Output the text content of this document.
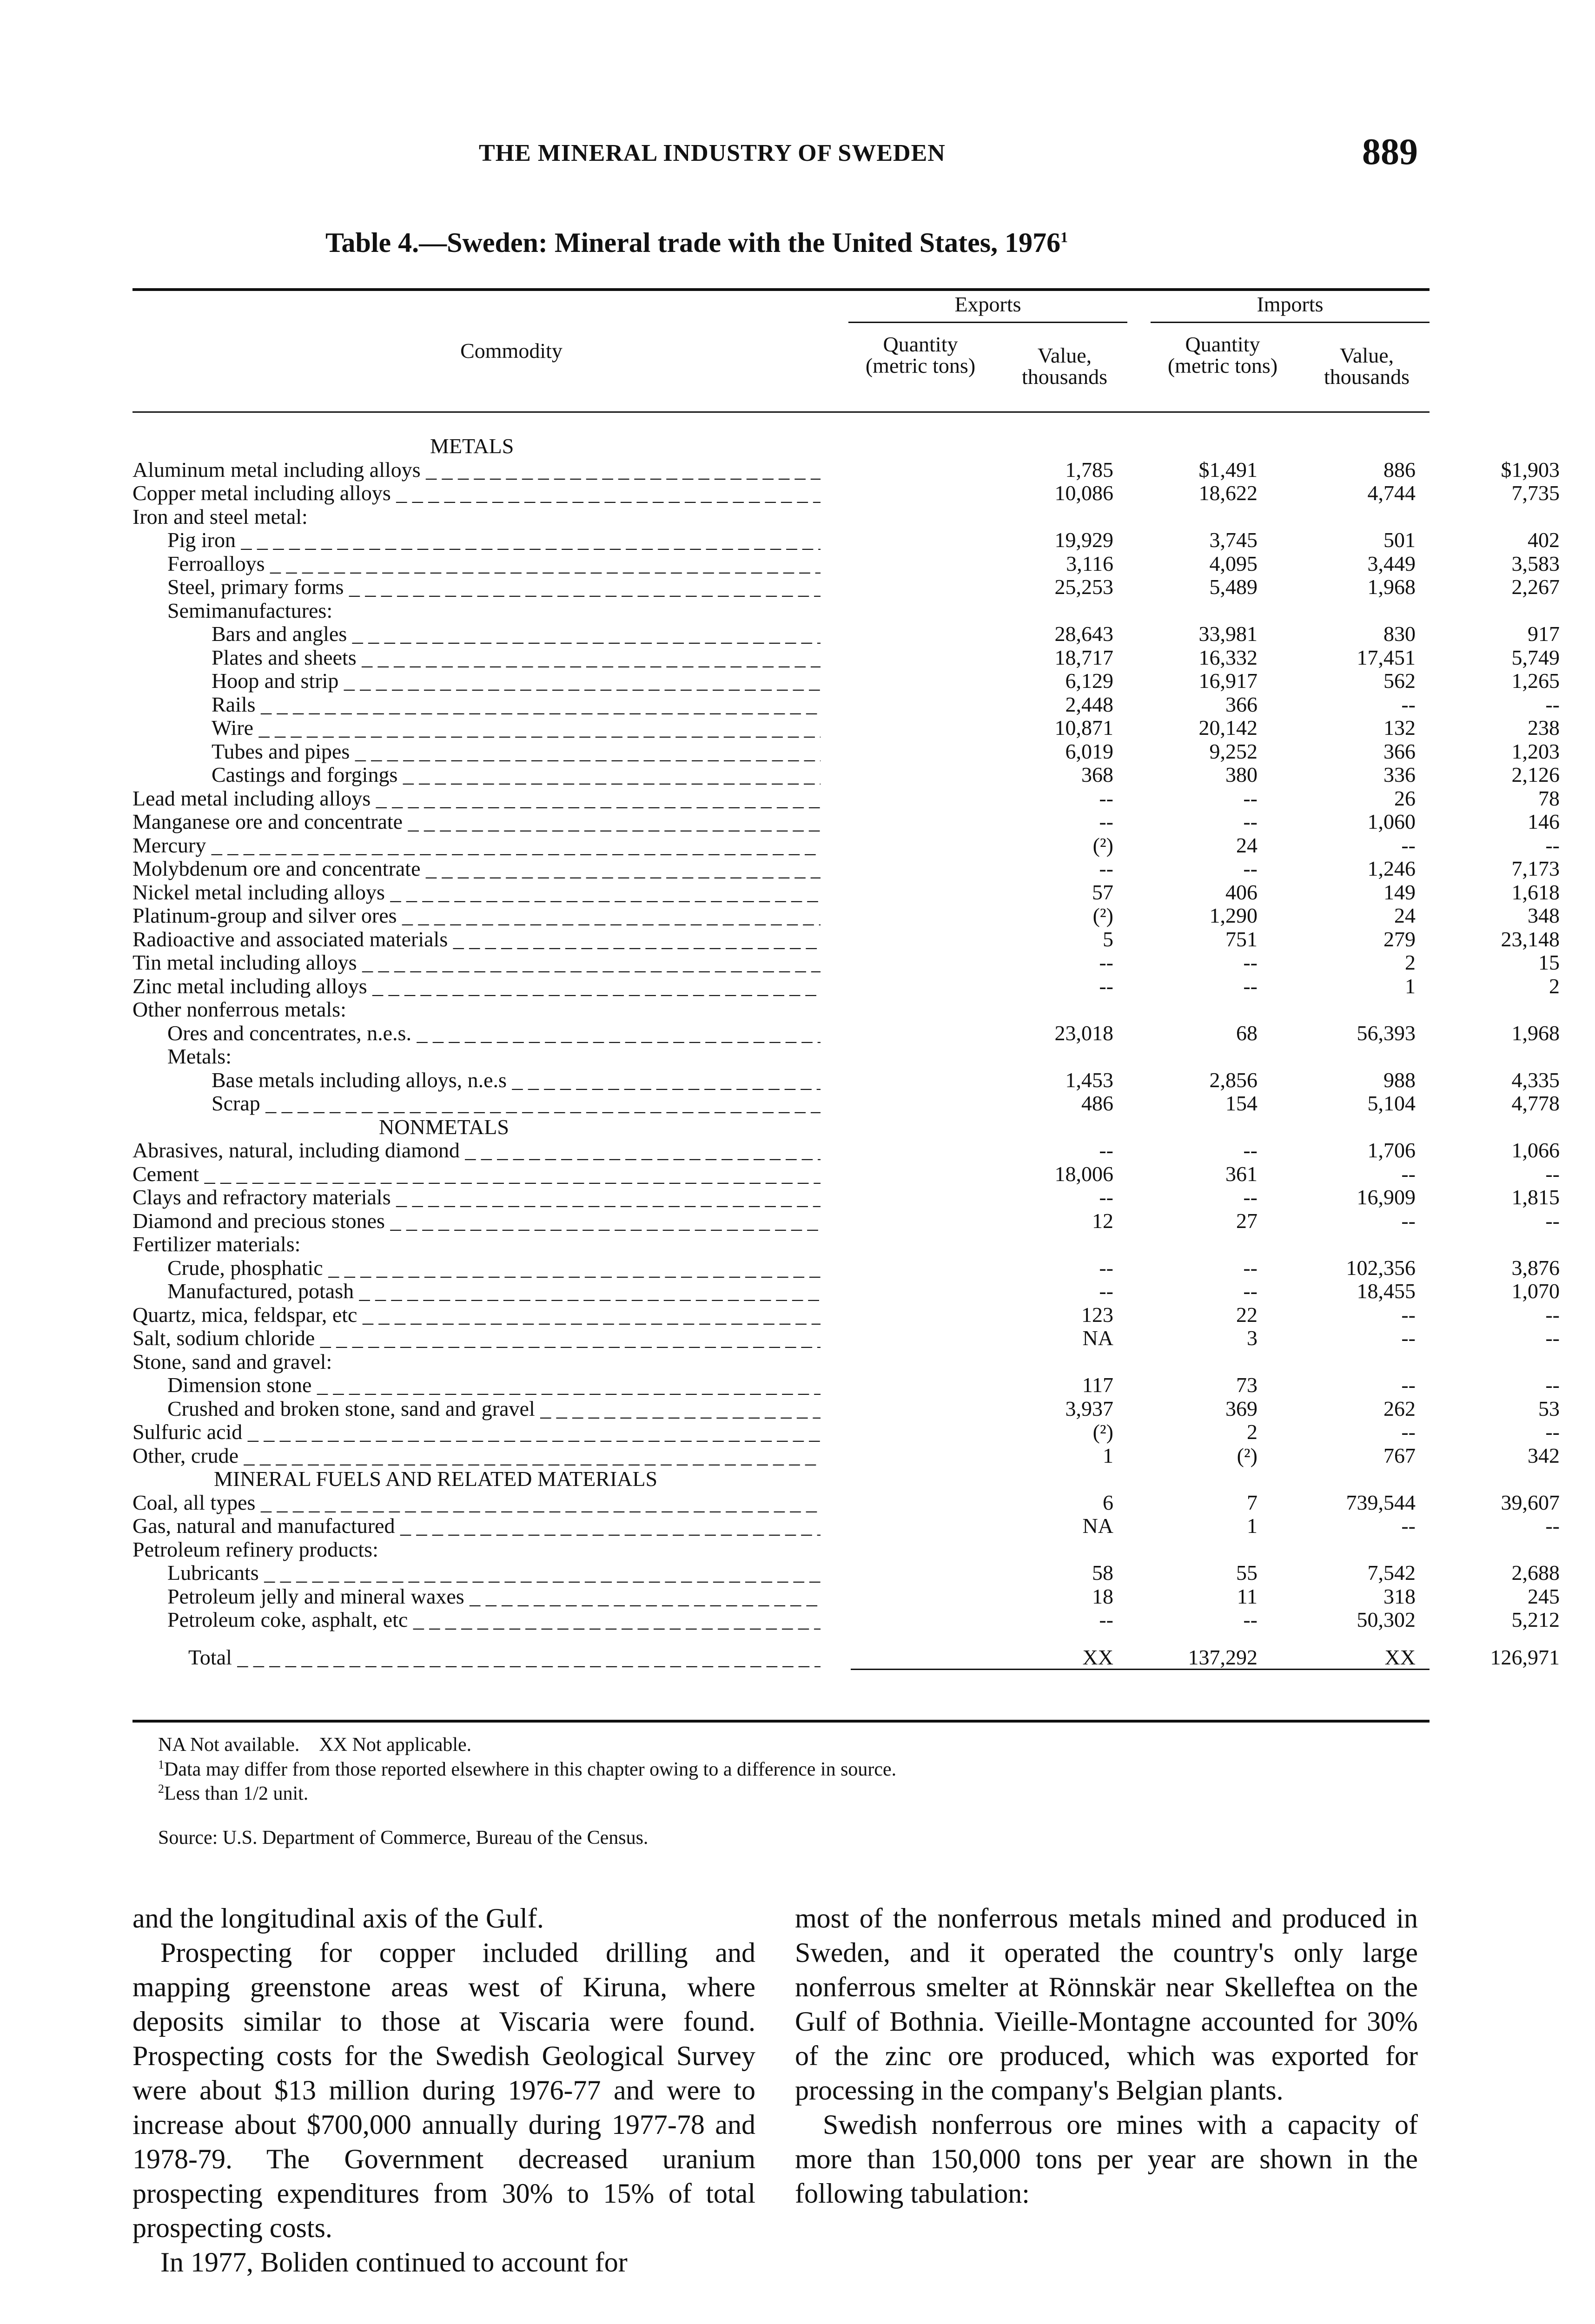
THE MINERAL INDUSTRY OF SWEDEN	889
Table 4.—Sweden: Mineral trade with the United States, 1976$^1$
Commodity
Exports	Imports
Quantity (metric tons)	Value, thousands
Quantity (metric tons)	Value, thousands
METALS
Aluminum metal including alloys _ _ _	1,785	$1,491	886	$1,903
Copper metal including alloys _ _ _	10,086	18,622	4,744	7,735
Iron and steel metal:
Pig iron _ _ _	19,929	3,745	501	402
Ferroalloys _ _ _	3,116	4,095	3,449	3,583
Steel, primary forms _ _ _	25,253	5,489	1,968	2,267
Semimanufactures:
Bars and angles _ _ _	28,643	33,981	830	917
Plates and sheets _ _ _	18,717	16,332	17,451	5,749
Hoop and strip _ _ _	6,129	16,917	562	1,265
Rails _ _ _	2,448	366	--	--
Wire _ _ _	10,871	20,142	132	238
Tubes and pipes _ _ _	6,019	9,252	366	1,203
Castings and forgings _ _ _	368	380	336	2,126
Lead metal including alloys _ _ _	--	--	26	78
Manganese ore and concentrate _ _ _	--	--	1,060	146
Mercury _ _ _	(²)	24	--	--
Molybdenum ore and concentrate _ _ _	--	--	1,246	7,173
Nickel metal including alloys _ _ _	57	406	149	1,618
Platinum-group and silver ores _ _ _	(²)	1,290	24	348
Radioactive and associated materials _ _ _	5	751	279	23,148
Tin metal including alloys _ _ _	--	--	2	15
Zinc metal including alloys _ _ _	--	--	1	2
Other nonferrous metals:
Ores and concentrates, n.e.s. _ _ _	23,018	68	56,393	1,968
Metals:
Base metals including alloys, n.e.s _ _ _	1,453	2,856	988	4,335
Scrap _ _ _	486	154	5,104	4,778
NONMETALS
Abrasives, natural, including diamond _ _ _	--	--	1,706	1,066
Cement _ _ _	18,006	361	--	--
Clays and refractory materials _ _ _	--	--	16,909	1,815
Diamond and precious stones _ _ _	12	27	--	--
Fertilizer materials:
Crude, phosphatic _ _ _	--	--	102,356	3,876
Manufactured, potash _ _ _	--	--	18,455	1,070
Quartz, mica, feldspar, etc _ _ _	123	22	--	--
Salt, sodium chloride _ _ _	NA	3	--	--
Stone, sand and gravel:
Dimension stone _ _ _	117	73	--	--
Crushed and broken stone, sand and gravel _ _ _	3,937	369	262	53
Sulfuric acid _ _ _	(²)	2	--	--
Other, crude _ _ _	1	(²)	767	342
MINERAL FUELS AND RELATED MATERIALS
Coal, all types _ _ _	6	7	739,544	39,607
Gas, natural and manufactured _ _ _	NA	1	--	--
Petroleum refinery products:
Lubricants _ _ _	58	55	7,542	2,688
Petroleum jelly and mineral waxes _ _ _	18	11	318	245
Petroleum coke, asphalt, etc _ _ _	--	--	50,302	5,212
Total _ _ _	XX	137,292	XX	126,971
NA Not available.    XX Not applicable.
$^1$Data may differ from those reported elsewhere in this chapter owing to a difference in source.
$^2$Less than 1/2 unit.
Source: U.S. Department of Commerce, Bureau of the Census.

and the longitudinal axis of the Gulf.

Prospecting for copper included drilling and mapping greenstone areas west of Kiruna, where deposits similar to those at Viscaria were found. Prospecting costs for the Swedish Geological Survey were about $13 million during 1976-77 and were to increase about $700,000 annually during 1977-78 and 1978-79. The Government decreased uranium prospecting expenditures from 30% to 15% of total prospecting costs.

In 1977, Boliden continued to account for

most of the nonferrous metals mined and produced in Sweden, and it operated the country's only large nonferrous smelter at Rönnskär near Skelleftea on the Gulf of Bothnia. Vieille-Montagne accounted for 30% of the zinc ore produced, which was exported for processing in the company's Belgian plants.

Swedish nonferrous ore mines with a capacity of more than 150,000 tons per year are shown in the following tabulation:
